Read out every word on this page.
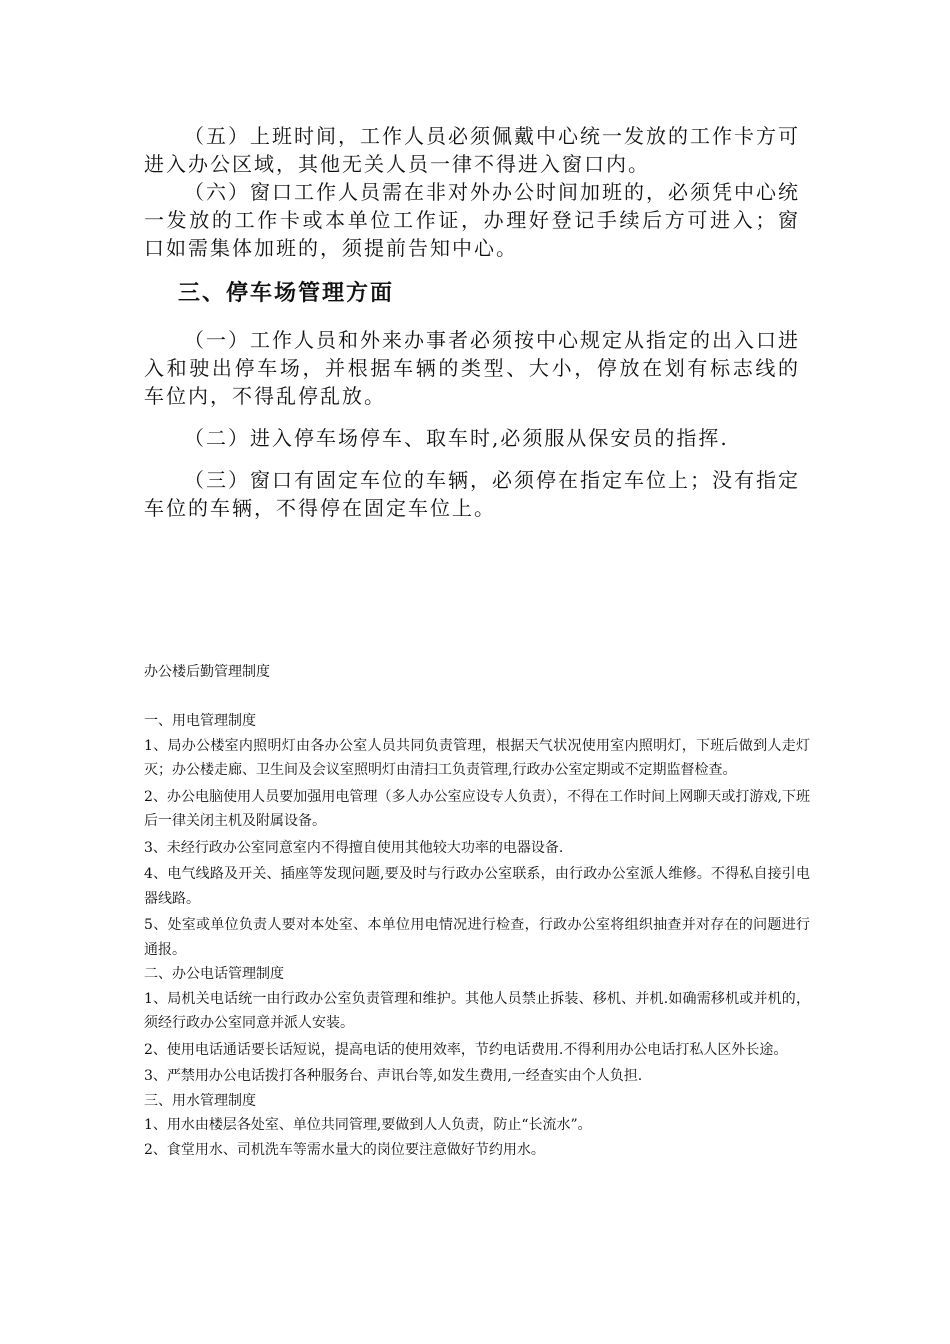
（五）上班时间，工作人员必须佩戴中心统一发放的工作卡方可进入办公区域，其他无关人员一律不得进入窗口内。

（六）窗口工作人员需在非对外办公时间加班的，必须凭中心统一发放的工作卡或本单位工作证，办理好登记手续后方可进入；窗口如需集体加班的，须提前告知中心。

三、停车场管理方面

（一）工作人员和外来办事者必须按中心规定从指定的出入口进入和驶出停车场，并根据车辆的类型、大小，停放在划有标志线的车位内，不得乱停乱放。

（二）进入停车场停车、取车时,必须服从保安员的指挥.

（三）窗口有固定车位的车辆，必须停在指定车位上；没有指定车位的车辆，不得停在固定车位上。

办公楼后勤管理制度

一、用电管理制度

1、局办公楼室内照明灯由各办公室人员共同负责管理，根据天气状况使用室内照明灯，下班后做到人走灯灭；办公楼走廊、卫生间及会议室照明灯由清扫工负责管理,行政办公室定期或不定期监督检查。

2、办公电脑使用人员要加强用电管理（多人办公室应设专人负责），不得在工作时间上网聊天或打游戏,下班后一律关闭主机及附属设备。

3、未经行政办公室同意室内不得擅自使用其他较大功率的电器设备.

4、电气线路及开关、插座等发现问题,要及时与行政办公室联系，由行政办公室派人维修。不得私自接引电器线路。

5、处室或单位负责人要对本处室、本单位用电情况进行检查，行政办公室将组织抽查并对存在的问题进行通报。

二、办公电话管理制度

1、局机关电话统一由行政办公室负责管理和维护。其他人员禁止拆装、移机、并机.如确需移机或并机的，须经行政办公室同意并派人安装。

2、使用电话通话要长话短说，提高电话的使用效率，节约电话费用.不得利用办公电话打私人区外长途。

3、严禁用办公电话拨打各种服务台、声讯台等,如发生费用,一经查实由个人负担.

三、用水管理制度

1、用水由楼层各处室、单位共同管理,要做到人人负责，防止“长流水”。

2、食堂用水、司机洗车等需水量大的岗位要注意做好节约用水。
